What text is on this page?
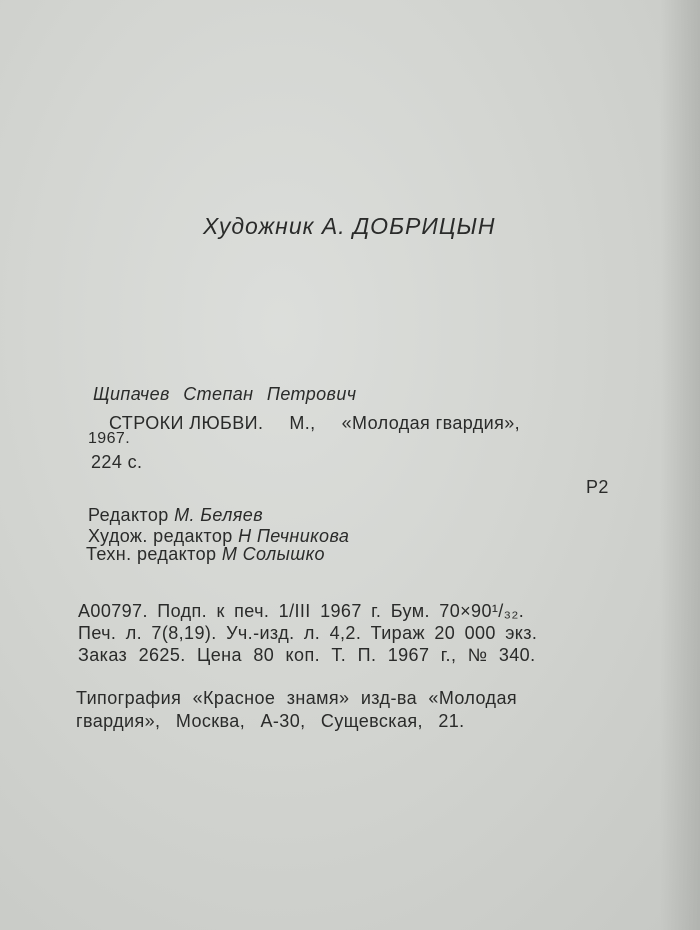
Художник А. ДОБРИЦЫН
Щипачев Степан Петрович
СТРОКИ ЛЮБВИ. М., «Молодая гвардия»,
1967.
224 с.
Р2
Редактор М. Беляев
Худож. редактор Н Печникова
Техн. редактор М Солышко
А00797. Подп. к печ. 1/III 1967 г. Бум. 70×90¹/₃₂.
Печ. л. 7(8,19). Уч.-изд. л. 4,2. Тираж 20 000 экз.
Заказ 2625. Цена 80 коп. Т. П. 1967 г., № 340.
Типография «Красное знамя» изд-ва «Молодая
гвардия», Москва, А-30, Сущевская, 21.
